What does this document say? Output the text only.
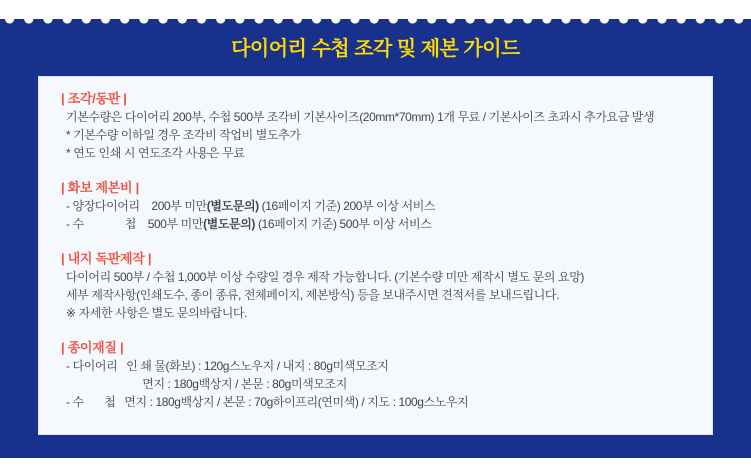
다이어리 수첩 조각 및 제본 가이드
| 조각/동판 |
기본수량은 다이어리 200부, 수첩 500부 조각비 기본사이즈(20mm*70mm) 1개 무료 / 기본사이즈 초과시 추가요금 발생
* 기본수량 이하일 경우 조각비 작업비 별도추가
* 연도 인쇄 시 연도조각 사용은 무료
| 화보 제본비 |
- 양장다이어리    200부 미만(별도문의) (16페이지 기준) 200부 이상 서비스
- 수              첩    500부 미만(별도문의) (16페이지 기준) 500부 이상 서비스
| 내지 독판제작 |
다이어리 500부 / 수첩 1,000부 이상 수량일 경우 제작 가능합니다. (기본수량 미만 제작시 별도 문의 요망)
세부 제작사항(인쇄도수, 종이 종류, 전체페이지, 제본방식) 등을 보내주시면 견적서를 보내드립니다.
※ 자세한 사항은 별도 문의바랍니다.
| 종이재질 |
- 다이어리   인 쇄 물(화보) : 120g스노우지 / 내지 : 80g미색모조지
면지 : 180g백상지 / 본문 : 80g미색모조지
- 수       첩   면지 : 180g백상지 / 본문 : 70g하이프리(연미색) / 지도 : 100g스노우지
